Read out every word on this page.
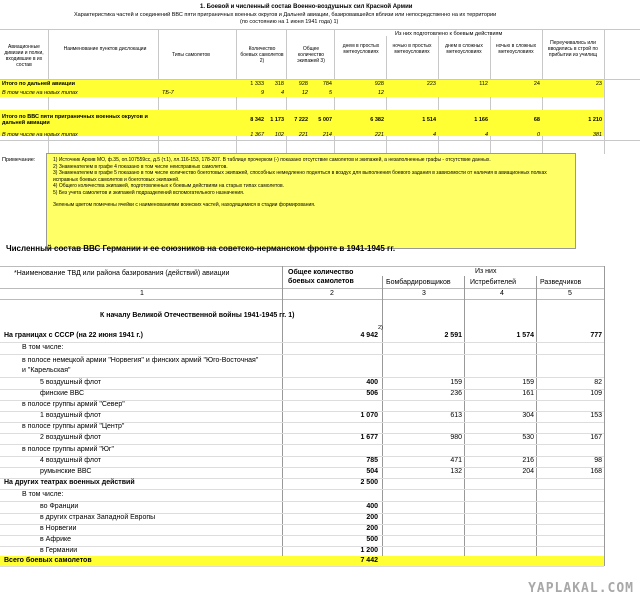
1. Боевой и численный состав Военно-воздушных сил Красной Армии
Характеристика частей и соединений ВВС пяти приграничных военных округов и Дальней авиации, базировавшейся вблизи или непосредственно на их территории
(по состоянию на 1 июня 1941 года) 1)
Авиационные дивизии и полки, входившие в их состав
Наименование пунктов дислокации
Типы самолетов
Количество боевых самолетов 2)
Общее количество экипажей 3)
Из них подготовлено к боевым действиям
днем в простых метеоусловиях
ночью в простых метеоусловиях
днем в сложных метеоусловиях
ночью в сложных метеоусловиях
Переучивались или вводились в строй по прибытии из училищ
Итого по дальней авиации	1 333	318	928	784	928	223	112	24	23
В том числе на новых типах	ТБ-7	9	4	12	5	12
Итого по ВВС пяти приграничных военных округов и дальней авиации	8 342	1 173	7 222	5 007	6 382	1 514	1 166	68	1 210
В том числе на новых типах	1 367	102	221	214	221	4	4	0	381
Примечание:	1) Источник Архив МО, ф.35, оп.107559сс, д.5 (т.1), лл.116-153, 178-207. В таблице прочерком (-) показано отсутствие самолетов и экипажей, а незаполненные графы - отсутствие данных.
2) Знаменателем в графе 4 показано в том числе неисправных самолетов.
3) Знаменателем в графе 5 показано в том числе количество боеготовых экипажей, способных немедленно подняться в воздух для выполнения боевого задания в зависимости от наличия в авиационных полках исправных боевых самолетов и боеготовых экипажей.
4) Общего количества экипажей, подготовленных к боевым действиям на старых типах самолетов.
5) Без учета самолетов и экипажей подразделений вспомогательного назначения.
Зеленым цветом помечены ячейки с наименованиями воинских частей, находящимися в стадии формирования.
Численный состав ВВС Германии и ее союзников на советско-нерманском фронте в 1941-1945 гг.
*Наименование ТВД или района базирования (действий) авиации	Общее количество боевых самолетов
Из них
Бомбардировщиков	Истребителей	Разведчиков
1	2	3	4	5
К началу Великой Отечественной войны 1941-1945 гг. 1)
2)
На границах с СССР (на 22 июня 1941 г.)	4 942	2 591	1 574	777
В том числе:
в полосе немецкой армии "Норвегия" и финских армий "Юго-Восточная" и "Карельская"
5 воздушный флот	400	159	159	82
финские ВВС	506	236	161	109
в полосе группы армий "Север"
1 воздушный флот	1 070	613	304	153
в полосе группы армий "Центр"
2 воздушный флот	1 677	980	530	167
в полосе группы армий "Юг"
4 воздушный флот	785	471	216	98
румынские ВВС	504	132	204	168
На других театрах военных действий	2 500
В том числе:
во Франции	400
в других странах Западной Европы	200
в Норвегии	200
в Африке	500
в Германии	1 200
Всего боевых самолетов	7 442
YAPLAKAL.COM
